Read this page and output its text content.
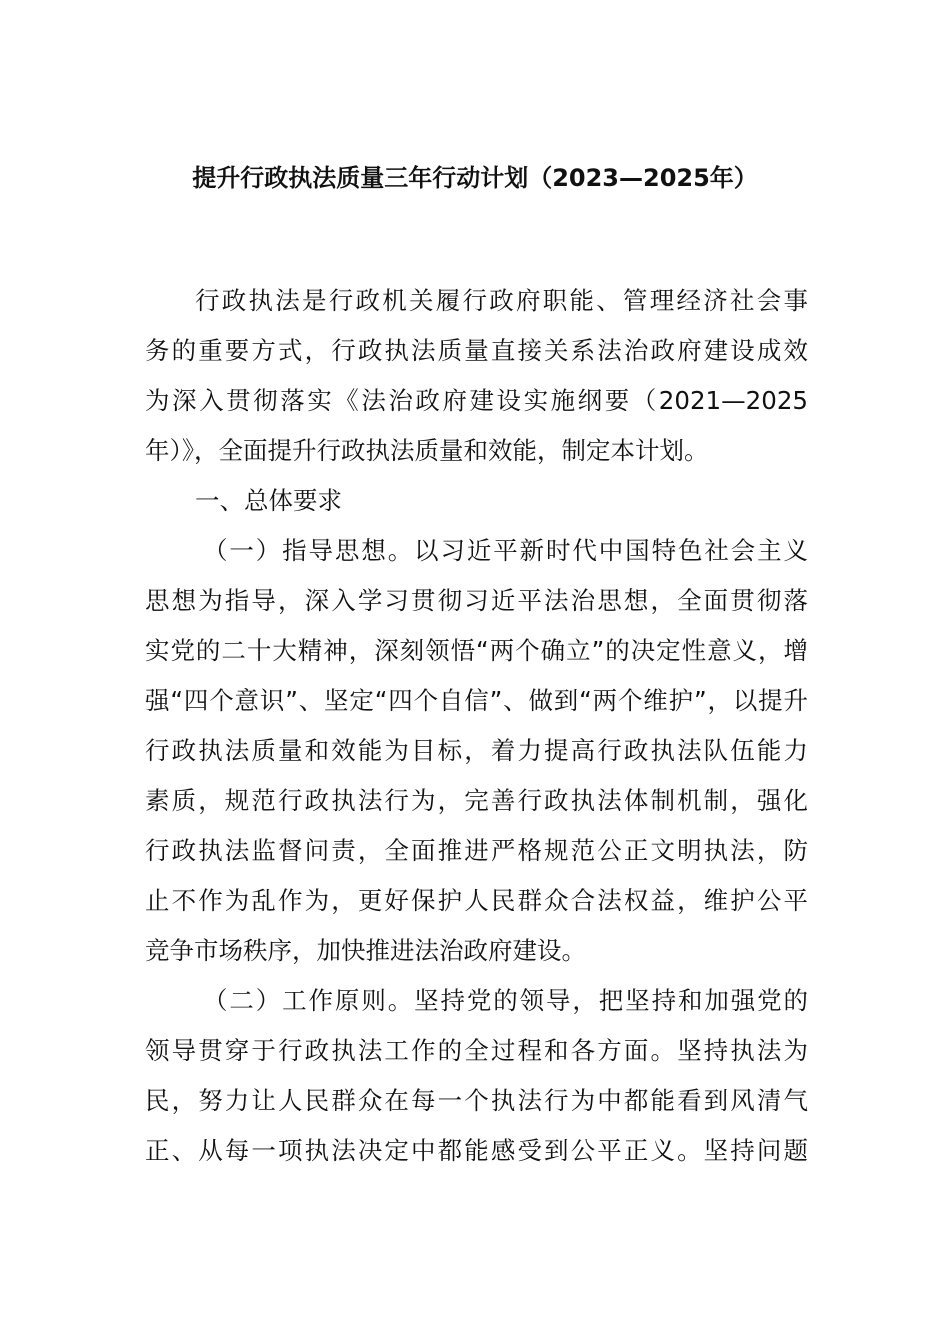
提升行政执法质量三年行动计划（2023—2025年）
行政执法是行政机关履行政府职能、管理经济社会事
务的重要方式，行政执法质量直接关系法治政府建设成效
为深入贯彻落实《法治政府建设实施纲要（2021—2025
年）》，全面提升行政执法质量和效能，制定本计划。
一、总体要求
（一）指导思想。以习近平新时代中国特色社会主义
思想为指导，深入学习贯彻习近平法治思想，全面贯彻落
实党的二十大精神，深刻领悟“两个确立”的决定性意义，增
强“四个意识”、坚定“四个自信”、做到“两个维护”，以提升
行政执法质量和效能为目标，着力提高行政执法队伍能力
素质，规范行政执法行为，完善行政执法体制机制，强化
行政执法监督问责，全面推进严格规范公正文明执法，防
止不作为乱作为，更好保护人民群众合法权益，维护公平
竞争市场秩序，加快推进法治政府建设。
（二）工作原则。坚持党的领导，把坚持和加强党的
领导贯穿于行政执法工作的全过程和各方面。坚持执法为
民，努力让人民群众在每一个执法行为中都能看到风清气
正、从每一项执法决定中都能感受到公平正义。坚持问题
